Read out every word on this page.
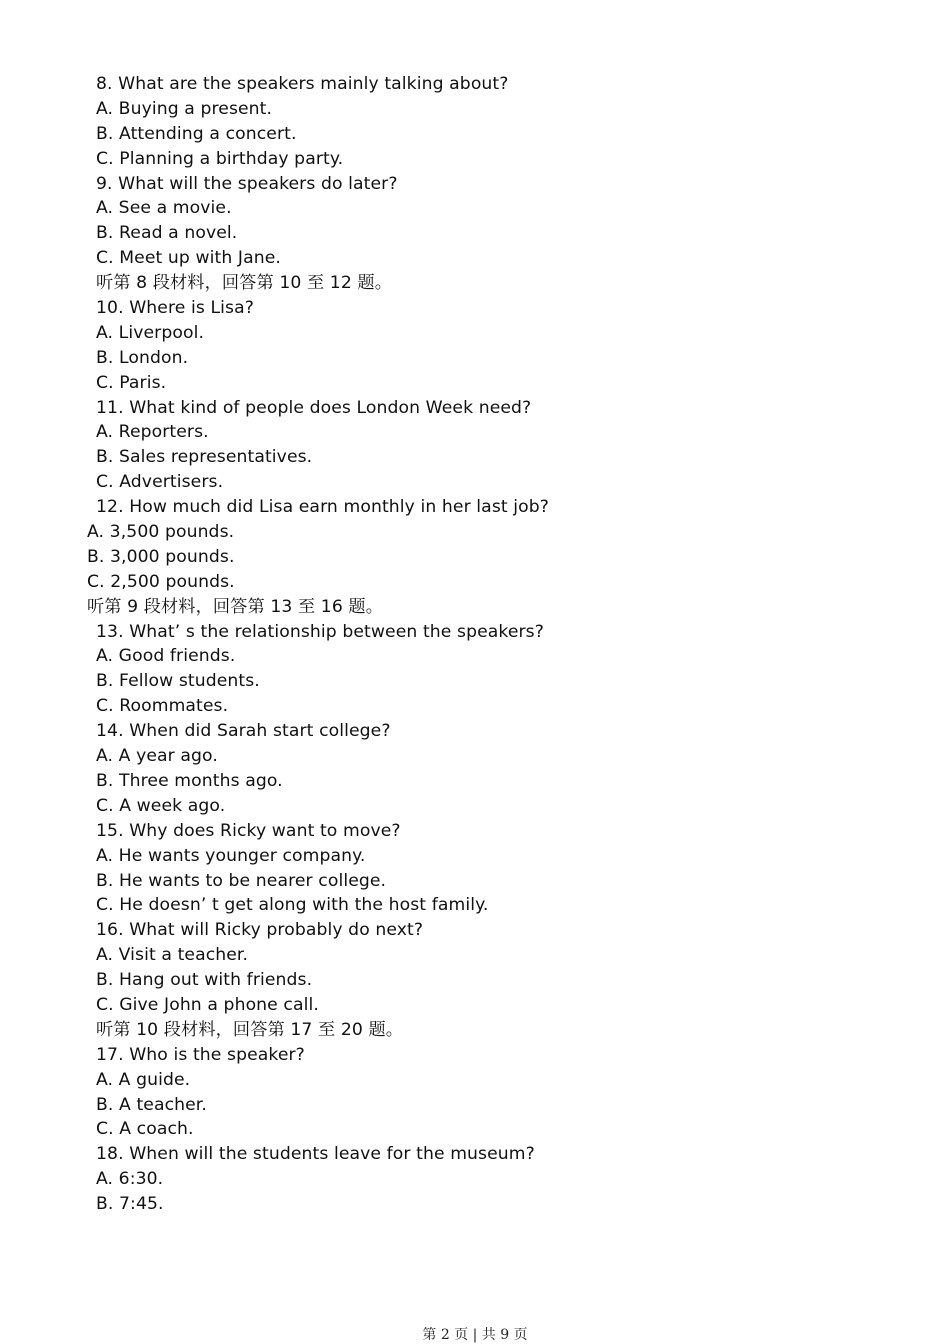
8. What are the speakers mainly talking about?
A. Buying a present.
B. Attending a concert.
C. Planning a birthday party.
9. What will the speakers do later?
A. See a movie.
B. Read a novel.
C. Meet up with Jane.
听第 8 段材料，回答第 10 至 12 题。
10. Where is Lisa?
A. Liverpool.
B. London.
C. Paris.
11. What kind of people does London Week need?
A. Reporters.
B. Sales representatives.
C. Advertisers.
12. How much did Lisa earn monthly in her last job?
A. 3,500 pounds.
B. 3,000 pounds.
C. 2,500 pounds.
听第 9 段材料，回答第 13 至 16 题。
13. What’ s the relationship between the speakers?
A. Good friends.
B. Fellow students.
C. Roommates.
14. When did Sarah start college?
A. A year ago.
B. Three months ago.
C. A week ago.
15. Why does Ricky want to move?
A. He wants younger company.
B. He wants to be nearer college.
C. He doesn’ t get along with the host family.
16. What will Ricky probably do next?
A. Visit a teacher.
B. Hang out with friends.
C. Give John a phone call.
听第 10 段材料，回答第 17 至 20 题。
17. Who is the speaker?
A. A guide.
B. A teacher.
C. A coach.
18. When will the students leave for the museum?
A. 6:30.
B. 7:45.
第 2 页 | 共 9 页
